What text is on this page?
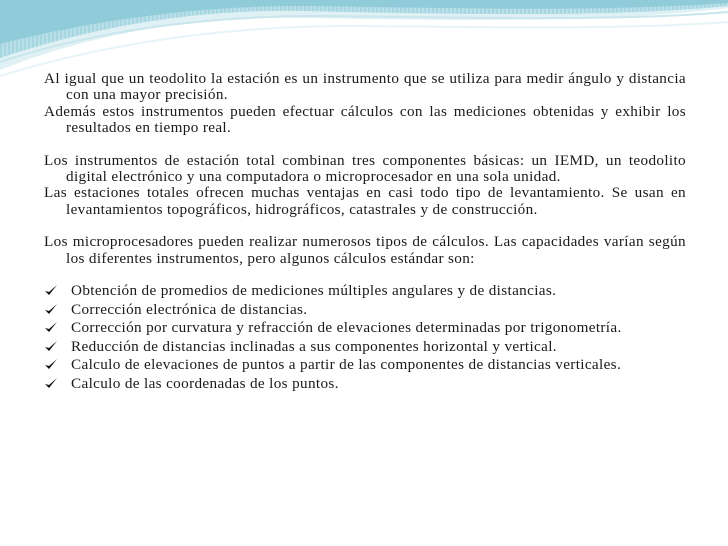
Al igual que un teodolito la estación es un instrumento que se utiliza para medir ángulo y distancia con una mayor precisión.

Además estos instrumentos pueden efectuar cálculos con las mediciones obtenidas y exhibir los resultados en tiempo real.

Los instrumentos de estación total combinan tres componentes básicas: un IEMD, un teodolito digital electrónico y una computadora o microprocesador en una sola unidad.

Las estaciones totales ofrecen muchas ventajas en casi todo tipo de levantamiento. Se usan en levantamientos topográficos, hidrográficos, catastrales y de construcción.

Los microprocesadores pueden realizar numerosos tipos de cálculos. Las capacidades varían según los diferentes instrumentos, pero algunos cálculos estándar son:

Obtención de promedios de mediciones múltiples angulares y de distancias.
Corrección electrónica de distancias.
Corrección por curvatura y refracción de elevaciones determinadas por trigonometría.
Reducción de distancias inclinadas a sus componentes horizontal y vertical.
Calculo de elevaciones de puntos a partir de las componentes de distancias verticales.
Calculo de las coordenadas de los puntos.
